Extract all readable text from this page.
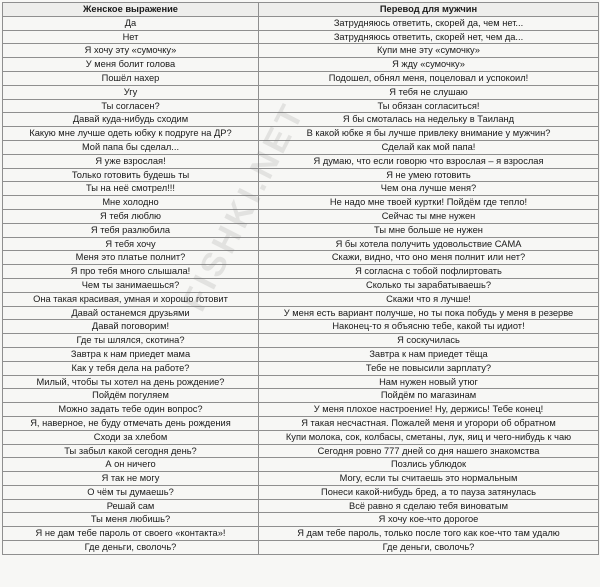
Женское выражение	Перевод для мужчин
Да	Затрудняюсь ответить, скорей да, чем нет...
Нет	Затрудняюсь ответить, скорей нет, чем да...
Я хочу эту «сумочку»	Купи мне эту «сумочку»
У меня болит голова	Я жду «сумочку»
Пошёл нахер	Подошел, обнял меня, поцеловал и успокоил!
Угу	Я тебя не слушаю
Ты согласен?	Ты обязан согласиться!
Давай куда-нибудь сходим	Я бы смоталась на недельку в Таиланд
Какую мне лучше одеть юбку к подруге на ДР?	В какой юбке я бы лучше привлеку внимание у мужчин?
Мой папа бы сделал...	Сделай как мой папа!
Я уже взрослая!	Я думаю, что если говорю что взрослая – я взрослая
Только готовить будешь ты	Я не умею готовить
Ты на неё смотрел!!!	Чем она лучше меня?
Мне холодно	Не надо мне твоей куртки! Пойдём где тепло!
Я тебя люблю	Сейчас ты мне нужен
Я тебя разлюбила	Ты мне больше не нужен
Я тебя хочу	Я бы хотела получить удовольствие САМА
Меня это платье полнит?	Скажи, видно, что оно меня полнит или нет?
Я про тебя много слышала!	Я согласна с тобой пофлиртовать
Чем ты занимаешься?	Сколько ты зарабатываешь?
Она такая красивая, умная и хорошо готовит	Скажи что я лучше!
Давай останемся друзьями	У меня есть вариант получше, но ты пока побудь у меня в резерве
Давай поговорим!	Наконец-то я объясню тебе, какой ты идиот!
Где ты шлялся, скотина?	Я соскучилась
Завтра к нам приедет мама	Завтра к нам приедет тёща
Как у тебя дела на работе?	Тебе не повысили зарплату?
Милый, чтобы ты хотел на день рождение?	Нам нужен новый утюг
Пойдём погуляем	Пойдём по магазинам
Можно задать тебе один вопрос?	У меня плохое настроение! Ну, держись! Тебе конец!
Я, наверное, не буду отмечать день рождения	Я такая несчастная. Пожалей меня и угорори об обратном
Сходи за хлебом	Купи молока, сок, колбасы, сметаны, лук, яиц и чего-нибудь к чаю
Ты забыл какой сегодня день?	Сегодня ровно 777 дней со дня нашего знакомства
А он ничего	Позлись ублюдок
Я так не могу	Могу, если ты считаешь это нормальным
О чём ты думаешь?	Понеси какой-нибудь бред, а то пауза затянулась
Решай сам	Всё равно я сделаю тебя виноватым
Ты меня любишь?	Я хочу кое-что дорогое
Я не дам тебе пароль от своего «контакта»!	Я дам тебе пароль, только после того как кое-что там удалю
Где деньги, сволочь?	Где деньги, сволочь?
FISHKI.NET
